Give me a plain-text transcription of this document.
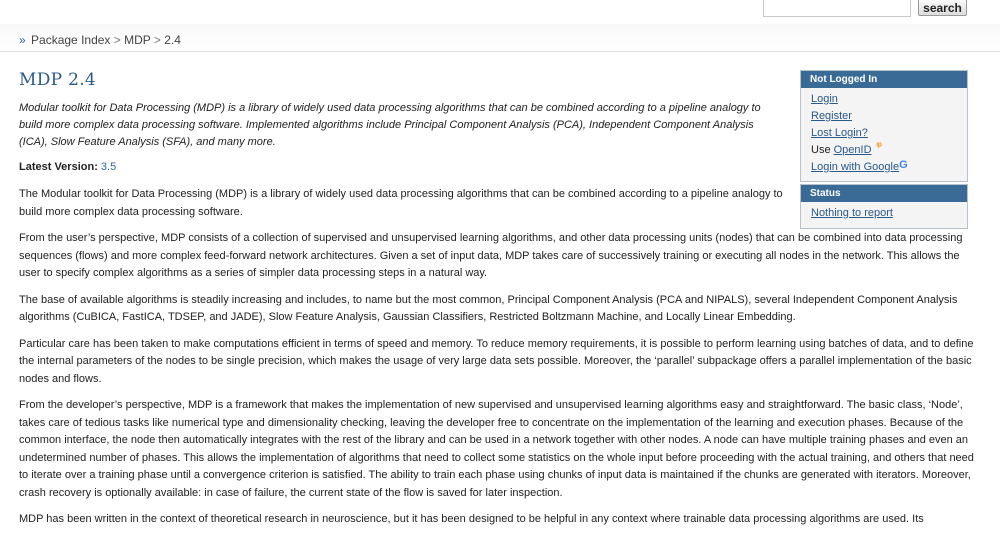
search
» Package Index > MDP > 2.4
MDP 2.4

Modular toolkit for Data Processing (MDP) is a library of widely used data processing algorithms that can be combined according to a pipeline analogy to build more complex data processing software. Implemented algorithms include Principal Component Analysis (PCA), Independent Component Analysis (ICA), Slow Feature Analysis (SFA), and many more.

Latest Version: 3.5

The Modular toolkit for Data Processing (MDP) is a library of widely used data processing algorithms that can be combined according to a pipeline analogy to build more complex data processing software.

From the user’s perspective, MDP consists of a collection of supervised and unsupervised learning algorithms, and other data processing units (nodes) that can be combined into data processing sequences (flows) and more complex feed-forward network architectures. Given a set of input data, MDP takes care of successively training or executing all nodes in the network. This allows the user to specify complex algorithms as a series of simpler data processing steps in a natural way.

The base of available algorithms is steadily increasing and includes, to name but the most common, Principal Component Analysis (PCA and NIPALS), several Independent Component Analysis algorithms (CuBICA, FastICA, TDSEP, and JADE), Slow Feature Analysis, Gaussian Classifiers, Restricted Boltzmann Machine, and Locally Linear Embedding.

Particular care has been taken to make computations efficient in terms of speed and memory. To reduce memory requirements, it is possible to perform learning using batches of data, and to define the internal parameters of the nodes to be single precision, which makes the usage of very large data sets possible. Moreover, the ‘parallel’ subpackage offers a parallel implementation of the basic nodes and flows.

From the developer’s perspective, MDP is a framework that makes the implementation of new supervised and unsupervised learning algorithms easy and straightforward. The basic class, ‘Node’, takes care of tedious tasks like numerical type and dimensionality checking, leaving the developer free to concentrate on the implementation of the learning and execution phases. Because of the common interface, the node then automatically integrates with the rest of the library and can be used in a network together with other nodes. A node can have multiple training phases and even an undetermined number of phases. This allows the implementation of algorithms that need to collect some statistics on the whole input before proceeding with the actual training, and others that need to iterate over a training phase until a convergence criterion is satisfied. The ability to train each phase using chunks of input data is maintained if the chunks are generated with iterators. Moreover, crash recovery is optionally available: in case of failure, the current state of the flow is saved for later inspection.

MDP has been written in the context of theoretical research in neuroscience, but it has been designed to be helpful in any context where trainable data processing algorithms are used. Its

Not Logged In
Login
Register
Lost Login?
Use OpenID ᶦᵖ
Login with GoogleG
Status
Nothing to report
